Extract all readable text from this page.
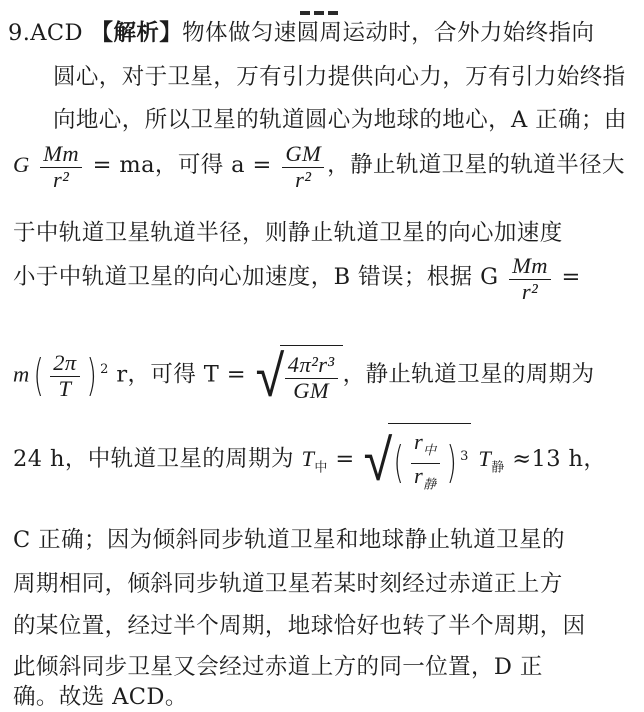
9.ACD 【解析】物体做匀速圆周运动时，合外力始终指向
圆心，对于卫星，万有引力提供向心力，万有引力始终指
向地心，所以卫星的轨道圆心为地球的地心，A 正确；由
G $\frac{Mm}{\text{r²}}$ = ma，可得 $a = \frac{GM}{\text{r²}}$ ，静止轨道卫星的轨道半径大
于中轨道卫星轨道半径，则静止轨道卫星的向心加速度
小于中轨道卫星的向心加速度，B 错误；根据 G $\frac{Mm}{\text{r²}}$ =
$m( \frac{2\pi}{T}$ ) $^2$ r，可得 T = √ $\frac{\text{4π²r³}}{GM}$ ，静止轨道卫星的周期为
24 h，中轨道卫星的周期为 $T_中$ = √( $\frac{r_中}{r_静}$ ) $^3$ $T_静 \approx 13$ h，
C 正确；因为倾斜同步轨道卫星和地球静止轨道卫星的
周期相同，倾斜同步轨道卫星若某时刻经过赤道正上方
的某位置，经过半个周期，地球恰好也转了半个周期，因
此倾斜同步卫星又会经过赤道上方的同一位置，D 正
确。故选 ACD。
